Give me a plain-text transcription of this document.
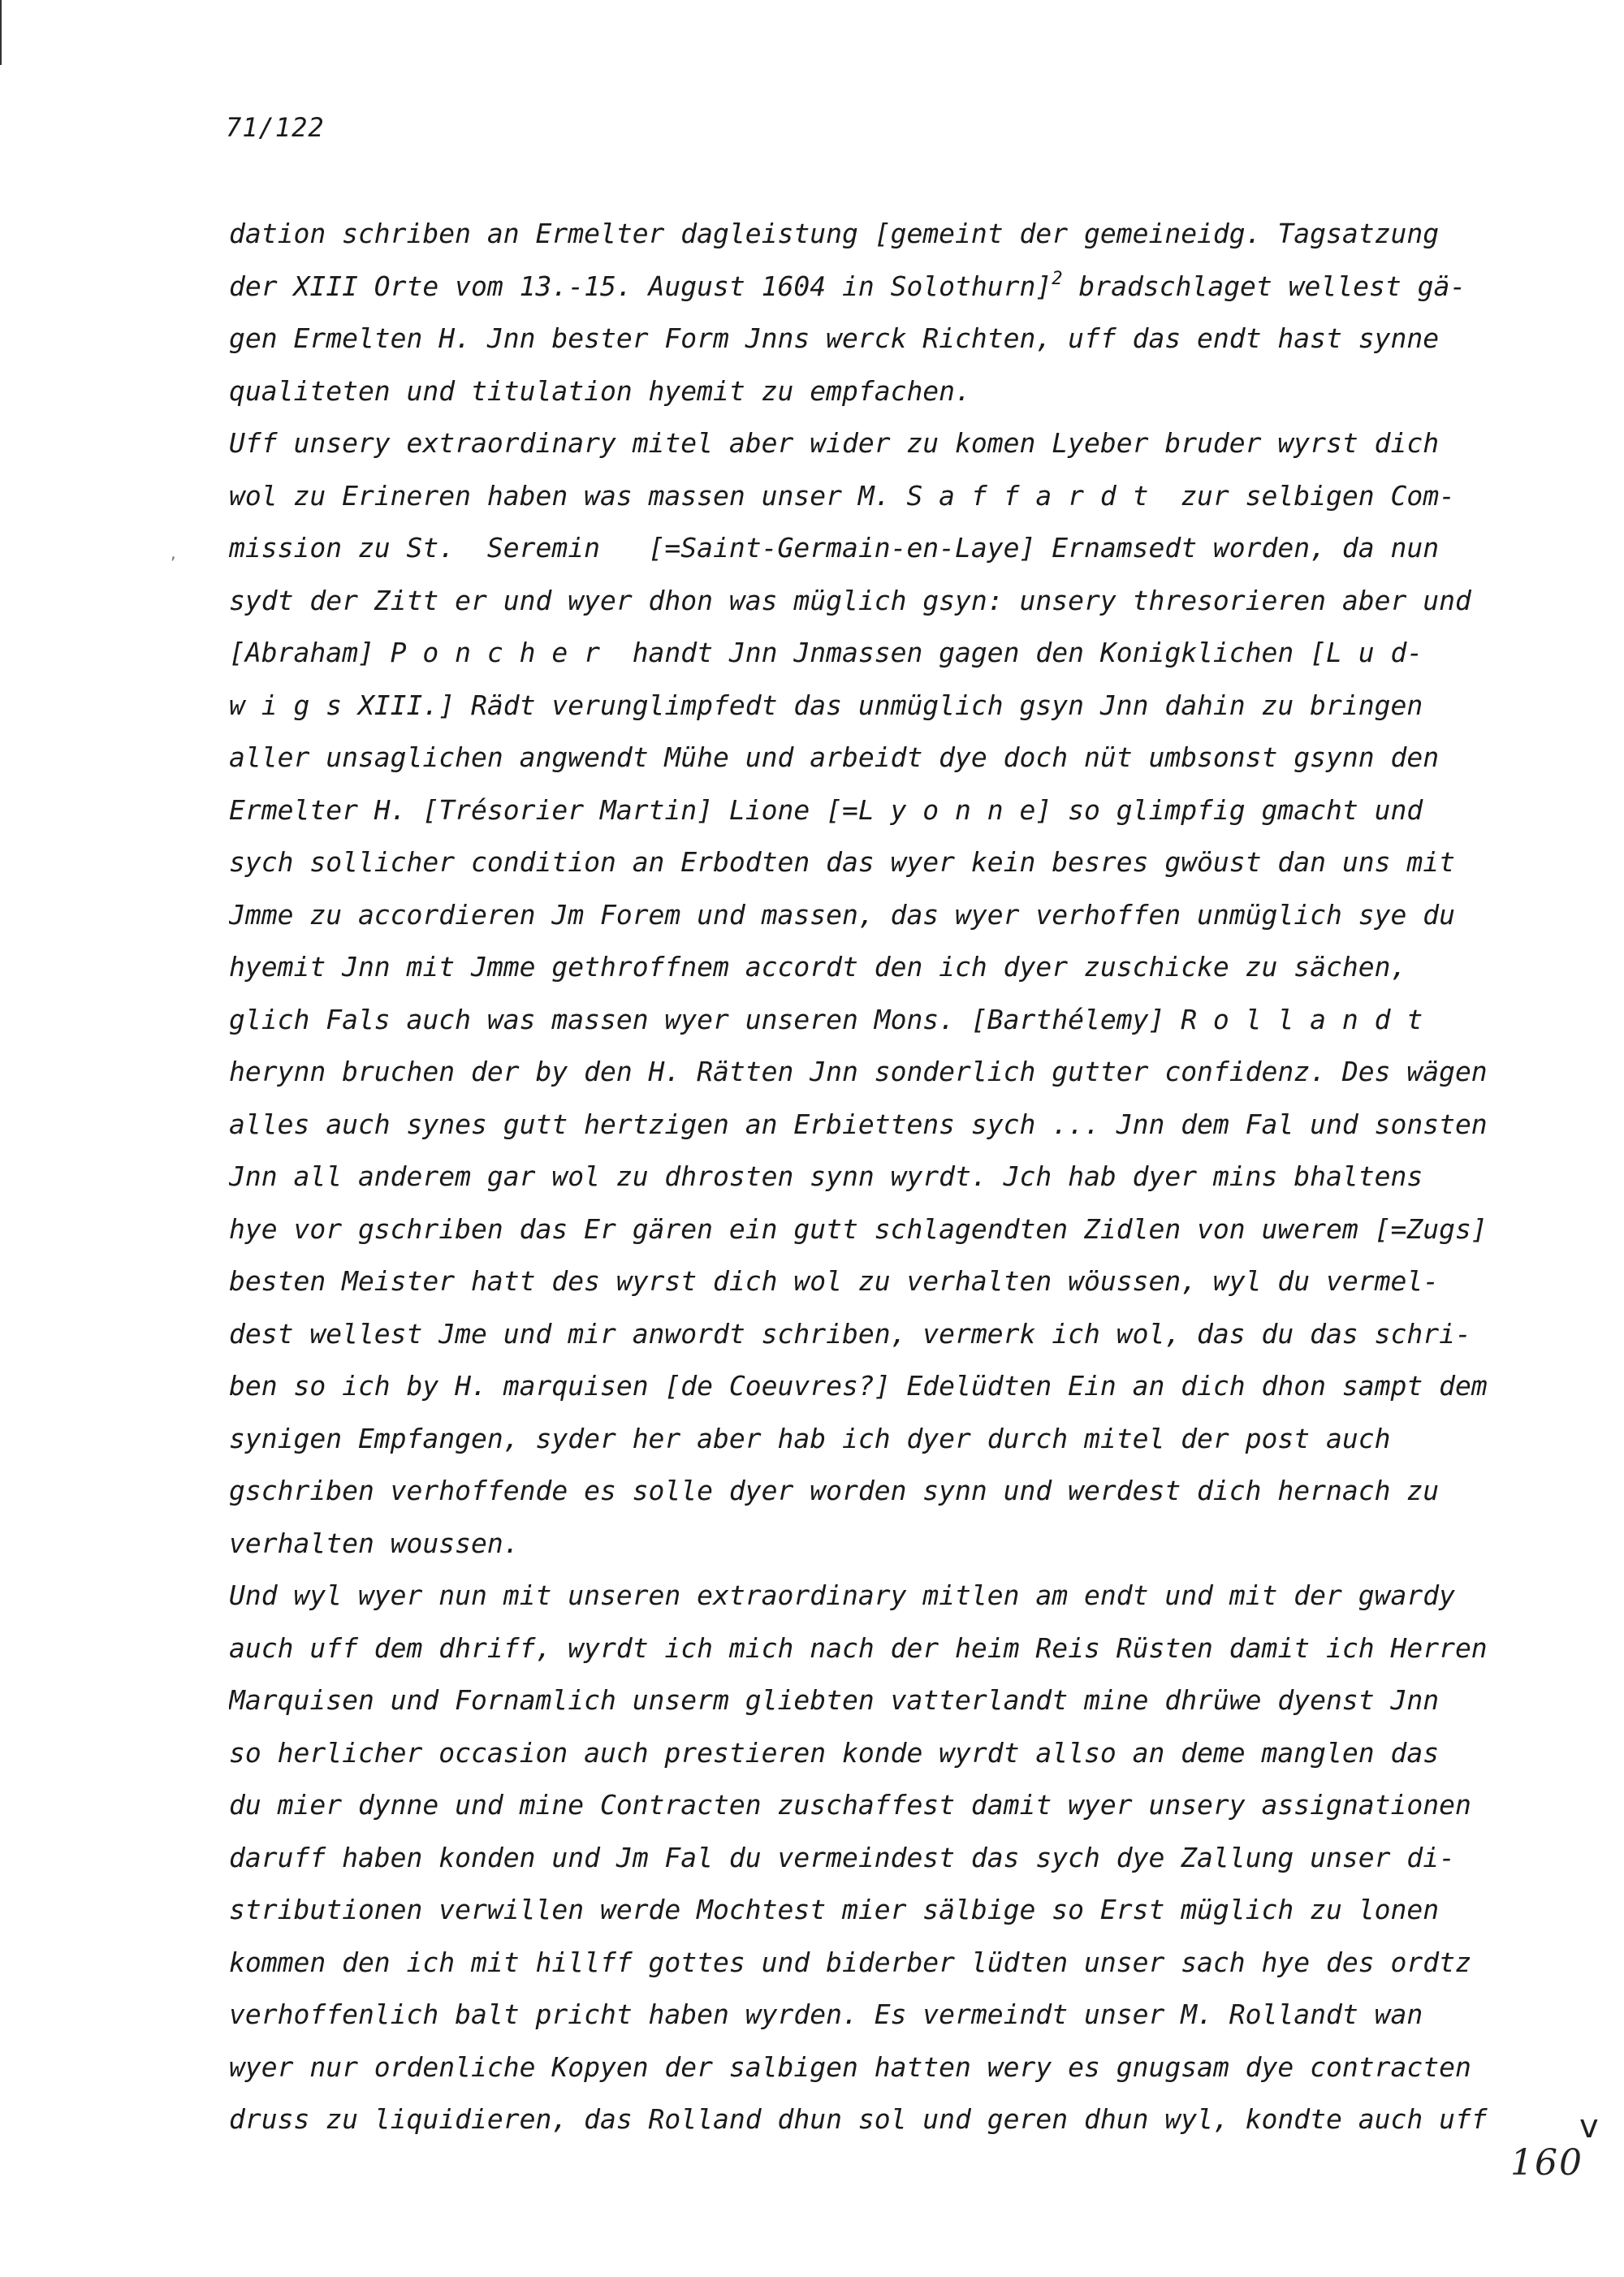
71/122
,
dation schriben an Ermelter dagleistung [gemeint der gemeineidg. Tagsatzung
der XIII Orte vom 13.-15. August 1604 in Solothurn]$^2$ bradschlaget wellest gä-
gen Ermelten H. Jnn bester Form Jnns werck Richten, uff das endt hast synne
qualiteten und titulation hyemit zu empfachen.
Uff unsery extraordinary mitel aber wider zu komen Lyeber bruder wyrst dich
wol zu Erineren haben was massen unser M. S a f f a r d t  zur selbigen Com-
mission zu St.  Seremin   [=Saint-Germain-en-Laye] Ernamsedt worden, da nun
sydt der Zitt er und wyer dhon was müglich gsyn: unsery thresorieren aber und
[Abraham] P o n c h e r  handt Jnn Jnmassen gagen den Konigklichen [L u d-
w i g s XIII.] Rädt verunglimpfedt das unmüglich gsyn Jnn dahin zu bringen
aller unsaglichen angwendt Mühe und arbeidt dye doch nüt umbsonst gsynn den
Ermelter H. [Trésorier Martin] Lione [=L y o n n e] so glimpfig gmacht und
sych sollicher condition an Erbodten das wyer kein besres gwöust dan uns mit
Jmme zu accordieren Jm Forem und massen, das wyer verhoffen unmüglich sye du
hyemit Jnn mit Jmme gethroffnem accordt den ich dyer zuschicke zu sächen,
glich Fals auch was massen wyer unseren Mons. [Barthélemy] R o l l a n d t
herynn bruchen der by den H. Rätten Jnn sonderlich gutter confidenz. Des wägen
alles auch synes gutt hertzigen an Erbiettens sych ... Jnn dem Fal und sonsten
Jnn all anderem gar wol zu dhrosten synn wyrdt. Jch hab dyer mins bhaltens
hye vor gschriben das Er gären ein gutt schlagendten Zidlen von uwerem [=Zugs]
besten Meister hatt des wyrst dich wol zu verhalten wöussen, wyl du vermel-
dest wellest Jme und mir anwordt schriben, vermerk ich wol, das du das schri-
ben so ich by H. marquisen [de Coeuvres?] Edelüdten Ein an dich dhon sampt dem
synigen Empfangen, syder her aber hab ich dyer durch mitel der post auch
gschriben verhoffende es solle dyer worden synn und werdest dich hernach zu
verhalten woussen.
Und wyl wyer nun mit unseren extraordinary mitlen am endt und mit der gwardy
auch uff dem dhriff, wyrdt ich mich nach der heim Reis Rüsten damit ich Herren
Marquisen und Fornamlich unserm gliebten vatterlandt mine dhrüwe dyenst Jnn
so herlicher occasion auch prestieren konde wyrdt allso an deme manglen das
du mier dynne und mine Contracten zuschaffest damit wyer unsery assignationen
daruff haben konden und Jm Fal du vermeindest das sych dye Zallung unser di-
stributionen verwillen werde Mochtest mier sälbige so Erst müglich zu lonen
kommen den ich mit hillff gottes und biderber lüdten unser sach hye des ordtz
verhoffenlich balt pricht haben wyrden. Es vermeindt unser M. Rollandt wan
wyer nur ordenliche Kopyen der salbigen hatten wery es gnugsam dye contracten
druss zu liquidieren, das Rolland dhun sol und geren dhun wyl, kondte auch uff	v
160
